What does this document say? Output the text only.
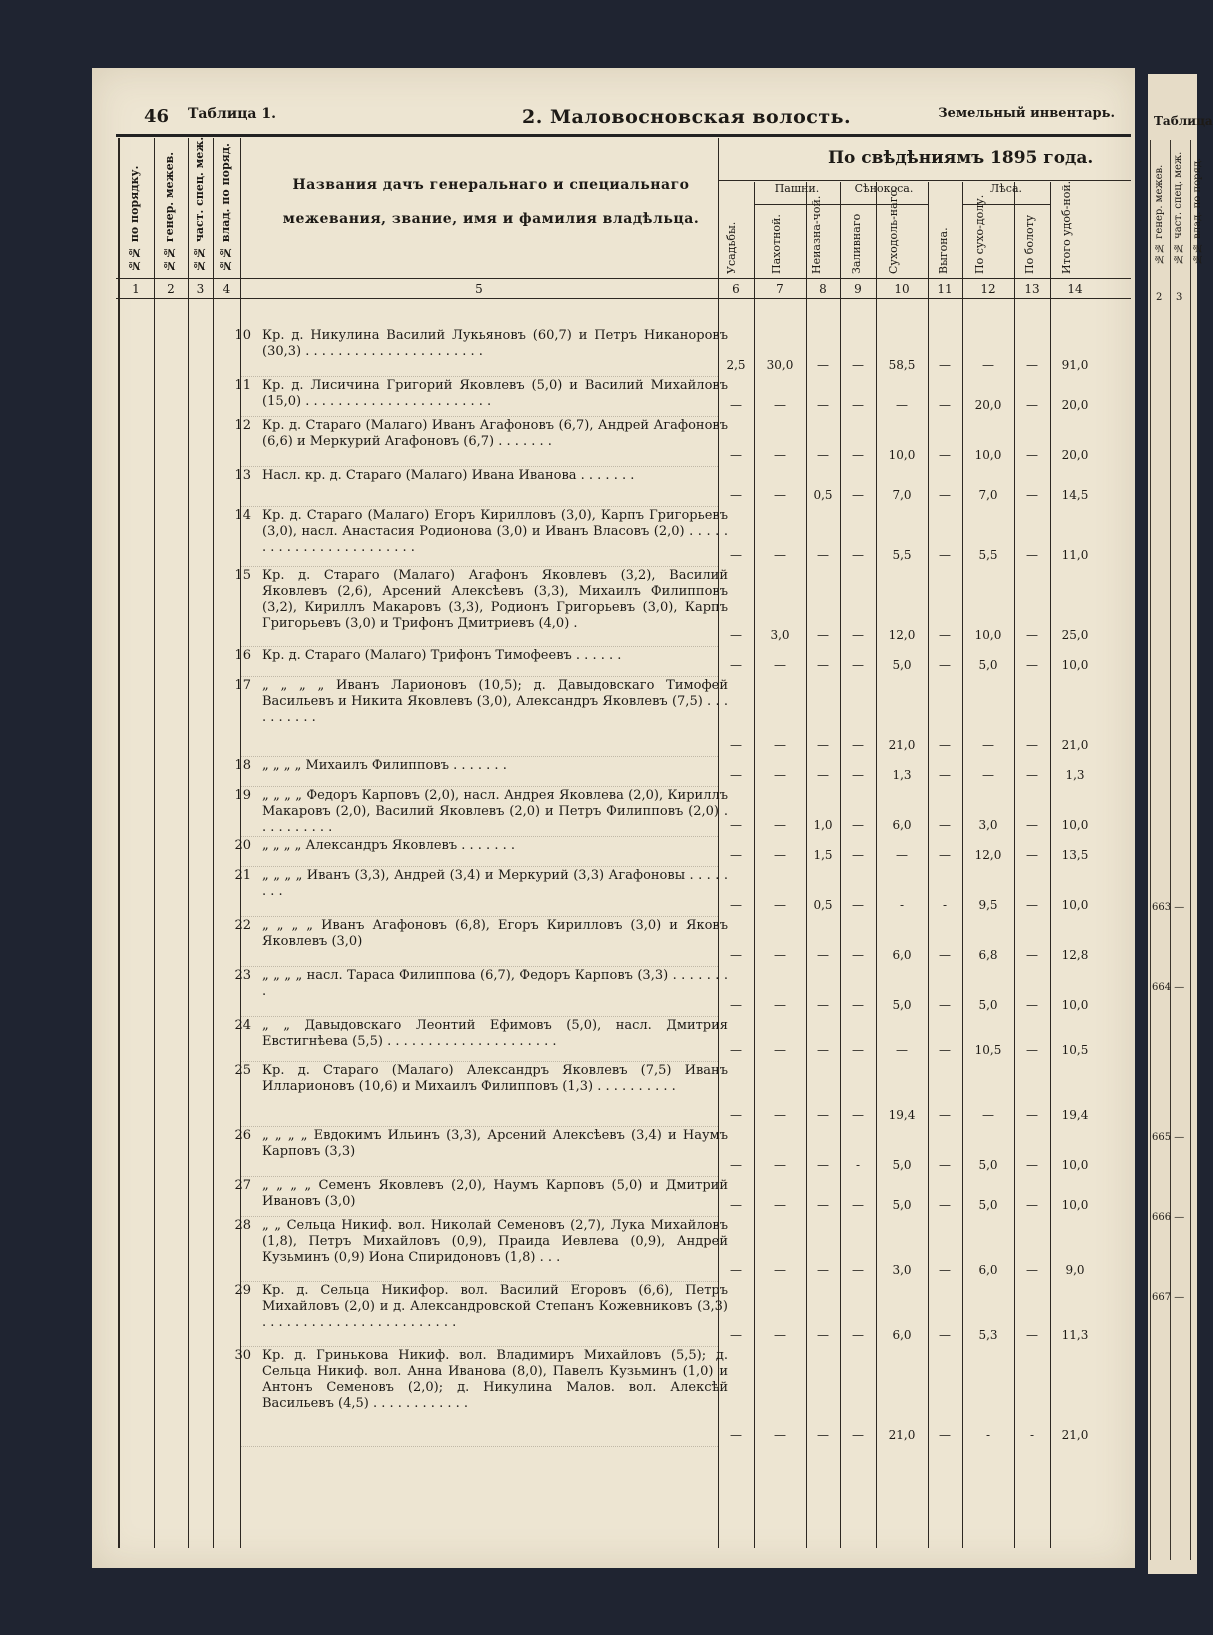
46 Таблица 1.	2. Маловосновская волость.	Земельный инвентарь.
№№ по порядку. №№ генер. межев. №№ част. спец. меж. №№ влад. по поряд.	Названия дачъ генеральнаго и специальнаго межевания, звание, имя и фамилия владѣльца.
По свѣдѣниямъ 1895 года.
Пашни.	Сѣнокоса.	Лѣса.
Усадьбы.	Пахотной. Неиазна-чой.	Заливнаго Суходоль-наго.	Выгона. По сухо-долу.	По болоту Итого удоб-ной.
1	2	3	4	5	6	7	8	9	10	11	12	13	14
10 Кр. д. Никулина Василий Лукьяновъ (60,7) и Петръ Никаноровъ (30,3) . . . . . . . . . . . . . . . . . . . . . .
2,5	30,0	—	—	58,5	—	—	—	91,0
11 Кр. д. Лисичина Григорий Яковлевъ (5,0) и Василий Михайловъ (15,0) . . . . . . . . . . . . . . . . . . . . . . .	—	—	—	—	—	—	20,0	—	20,0
12 Кр. д. Стараго (Малаго) Иванъ Агафоновъ (6,7), Андрей Агафоновъ (6,6) и Меркурий Агафоновъ (6,7) . . . . . . .
—	—	—	—	10,0	—	10,0	—	20,0
13 Насл. кр. д. Стараго (Малаго) Ивана Иванова . . . . . . .
—	—	0,5	—	7,0	—	7,0	—	14,5
14 Кр. д. Стараго (Малаго) Егоръ Кирилловъ (3,0), Карпъ Григорьевъ (3,0), насл. Анастасия Родионова (3,0) и Иванъ Власовъ (2,0) . . . . . . . . . . . . . . . . . . . . . . . .	—	—	—	—	5,5	—	5,5	—	11,0
15 Кр. д. Стараго (Малаго) Агафонъ Яковлевъ (3,2), Василий Яковлевъ (2,6), Арсений Алексѣевъ (3,3), Михаилъ Филипповъ (3,2), Кириллъ Макаровъ (3,3), Родионъ Григорьевъ (3,0), Карпъ Григорьевъ (3,0) и Трифонъ Дмитриевъ (4,0) .
—	3,0	—	—	12,0	—	10,0	—	25,0
16 Кр. д. Стараго (Малаго) Трифонъ Тимофеевъ . . . . . .
—	—	—	—	5,0	—	5,0	—	10,0
17 „ „ „ „ Иванъ Ларионовъ (10,5); д. Давыдовскаго Тимофей Васильевъ и Никита Яковлевъ (3,0), Александръ Яковлевъ (7,5) . . . . . . . . . .
—	—	—	—	21,0	—	—	—	21,0
18 „ „ „ „ Михаилъ Филипповъ . . . . . . .
—	—	—	—	1,3	—	—	—	1,3
19 „ „ „ „ Федоръ Карповъ (2,0), насл. Андрея Яковлева (2,0), Кириллъ Макаровъ (2,0), Василий Яковлевъ (2,0) и Петръ Филипповъ (2,0) . . . . . . . . . .	—	—	1,0	—	6,0	—	3,0	—	10,0
20 „ „ „ „ Александръ Яковлевъ . . . . . . .
—	—	1,5	—	—	—	12,0	—	13,5
21 „ „ „ „ Иванъ (3,3), Андрей (3,4) и Меркурий (3,3) Агафоновы . . . . . . . .
—	—	0,5	—	-	-	9,5	—	10,0
22 „ „ „ „ Иванъ Агафоновъ (6,8), Егоръ Кирилловъ (3,0) и Яковъ Яковлевъ (3,0)
—	—	—	—	6,0	—	6,8	—	12,8
23 „ „ „ „ насл. Тараса Филиппова (6,7), Федоръ Карповъ (3,3) . . . . . . . .
—	—	—	—	5,0	—	5,0	—	10,0
24 „ „ Давыдовскаго Леонтий Ефимовъ (5,0), насл. Дмитрия Евстигнѣева (5,5) . . . . . . . . . . . . . . . . . . . . .
—	—	—	—	—	—	10,5	—	10,5
25 Кр. д. Стараго (Малаго) Александръ Яковлевъ (7,5) Иванъ Илларионовъ (10,6) и Михаилъ Филипповъ (1,3) . . . . . . . . . .
—	—	—	—	19,4	—	—	—	19,4
26 „ „ „ „ Евдокимъ Ильинъ (3,3), Арсений Алексѣевъ (3,4) и Наумъ Карповъ (3,3)
—	—	—	-	5,0	—	5,0	—	10,0
27 „ „ „ „ Семенъ Яковлевъ (2,0), Наумъ Карповъ (5,0) и Дмитрий Ивановъ (3,0)	—	—	—	—	5,0	—	5,0	—	10,0
28 „ „ Сельца Никиф. вол. Николай Семеновъ (2,7), Лука Михайловъ (1,8), Петръ Михайловъ (0,9), Праида Иевлева (0,9), Андрей Кузьминъ (0,9) Иона Спиридоновъ (1,8) . . .
—	—	—	—	3,0	—	6,0	—	9,0
29 Кр. д. Сельца Никифор. вол. Василий Егоровъ (6,6), Петръ Михайловъ (2,0) и д. Александровской Степанъ Кожевниковъ (3,3) . . . . . . . . . . . . . . . . . . . . . . . .
—	—	—	—	6,0	—	5,3	—	11,3
30 Кр. д. Гринькова Никиф. вол. Владимиръ Михайловъ (5,5); д. Сельца Никиф. вол. Анна Иванова (8,0), Павелъ Кузьминъ (1,0) и Антонъ Семеновъ (2,0); д. Никулина Малов. вол. Алексѣй Васильевъ (4,5) . . . . . . . . . . . .
—	—	—	—	21,0	—	-	-	21,0
Таблица
№№ генер. межев. №№ част. спец. меж. №№ влад. по поряд.
2 3
663 —
664 —
665 —
666 —
667 —
